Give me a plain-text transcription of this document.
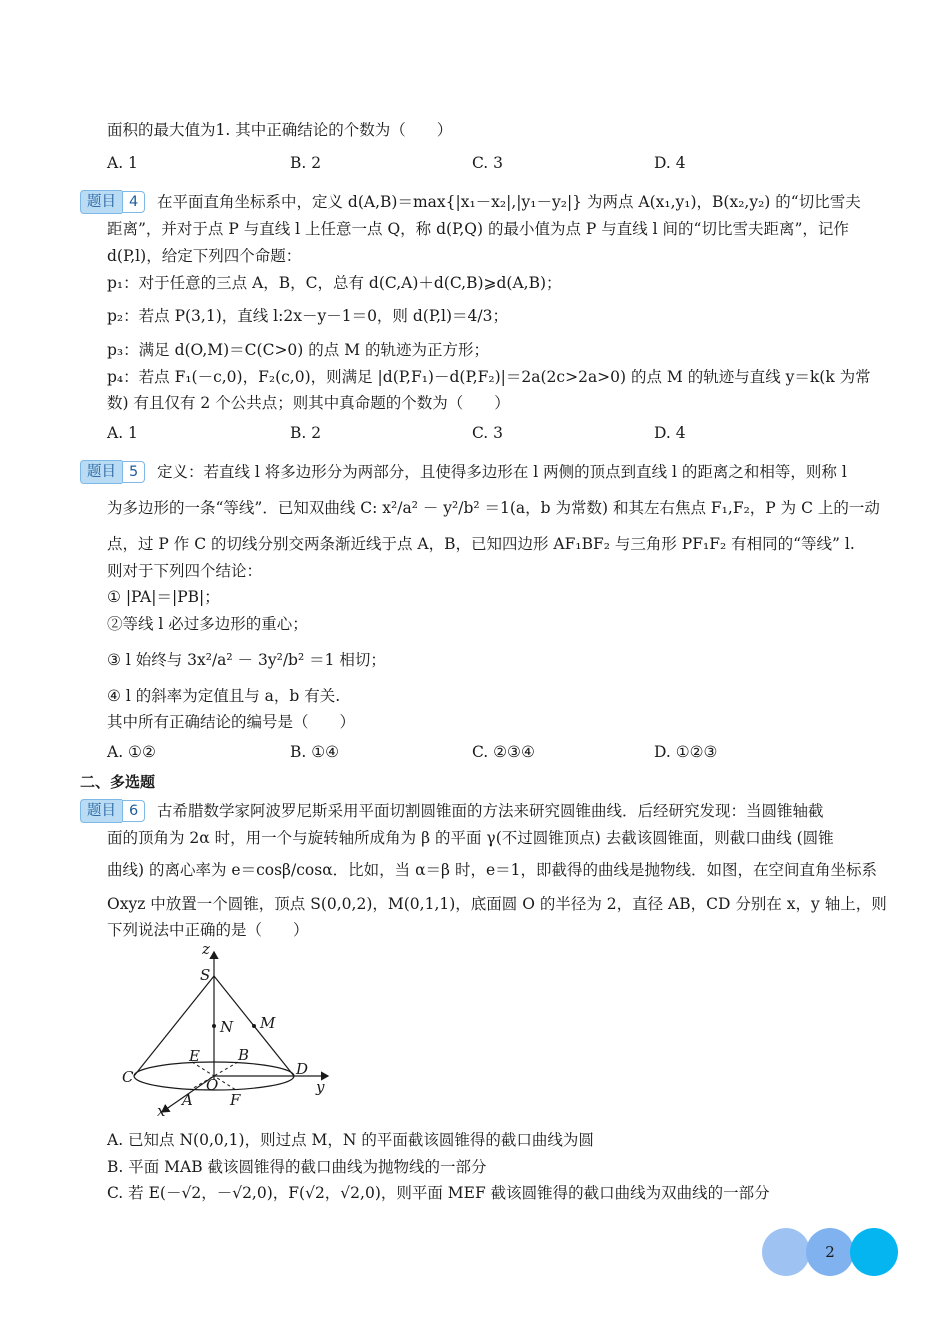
面积的最大值为1. 其中正确结论的个数为（　　）
A. 1	B. 2	C. 3	D. 4
题目 4	在平面直角坐标系中，定义 d(A,B)＝max{|x₁－x₂|,|y₁－y₂|} 为两点 A(x₁,y₁)，B(x₂,y₂) 的“切比雪夫
距离”，并对于点 P 与直线 l 上任意一点 Q，称 d(P,Q) 的最小值为点 P 与直线 l 间的“切比雪夫距离”，记作
d(P,l)，给定下列四个命题：
p₁：对于任意的三点 A，B，C，总有 d(C,A)＋d(C,B)⩾d(A,B)；
p₂：若点 P(3,1)，直线 l:2x－y－1＝0，则 d(P,l)＝4/3；
p₃：满足 d(O,M)＝C(C>0) 的点 M 的轨迹为正方形；
p₄：若点 F₁(－c,0)，F₂(c,0)，则满足 |d(P,F₁)－d(P,F₂)|＝2a(2c>2a>0) 的点 M 的轨迹与直线 y＝k(k 为常
数) 有且仅有 2 个公共点；则其中真命题的个数为（　　）
A. 1	B. 2	C. 3	D. 4
题目 5	定义：若直线 l 将多边形分为两部分，且使得多边形在 l 两侧的顶点到直线 l 的距离之和相等，则称 l
为多边形的一条“等线”．已知双曲线 C: x²/a² － y²/b² ＝1(a，b 为常数) 和其左右焦点 F₁,F₂，P 为 C 上的一动
点，过 P 作 C 的切线分别交两条渐近线于点 A，B，已知四边形 AF₁BF₂ 与三角形 PF₁F₂ 有相同的“等线” l.
则对于下列四个结论：
① |PA|＝|PB|；
②等线 l 必过多边形的重心；
③ l 始终与 3x²/a² － 3y²/b² ＝1 相切；
④ l 的斜率为定值且与 a，b 有关.
其中所有正确结论的编号是（　　）
A. ①②	B. ①④	C. ②③④	D. ①②③
二、多选题
题目 6	古希腊数学家阿波罗尼斯采用平面切割圆锥面的方法来研究圆锥曲线．后经研究发现：当圆锥轴截
面的顶角为 2α 时，用一个与旋转轴所成角为 β 的平面 γ(不过圆锥顶点) 去截该圆锥面，则截口曲线 (圆锥
曲线) 的离心率为 e＝cosβ/cosα．比如，当 α＝β 时，e＝1，即截得的曲线是抛物线．如图，在空间直角坐标系
Oxyz 中放置一个圆锥，顶点 S(0,0,2)，M(0,1,1)，底面圆 O 的半径为 2，直径 AB，CD 分别在 x，y 轴上，则
下列说法中正确的是（　　）
z
S
N M
E	B
C	D
O	y
A F
x
A. 已知点 N(0,0,1)，则过点 M，N 的平面截该圆锥得的截口曲线为圆
B. 平面 MAB 截该圆锥得的截口曲线为抛物线的一部分
C. 若 E(－√2，－√2,0)，F(√2，√2,0)，则平面 MEF 截该圆锥得的截口曲线为双曲线的一部分
2
